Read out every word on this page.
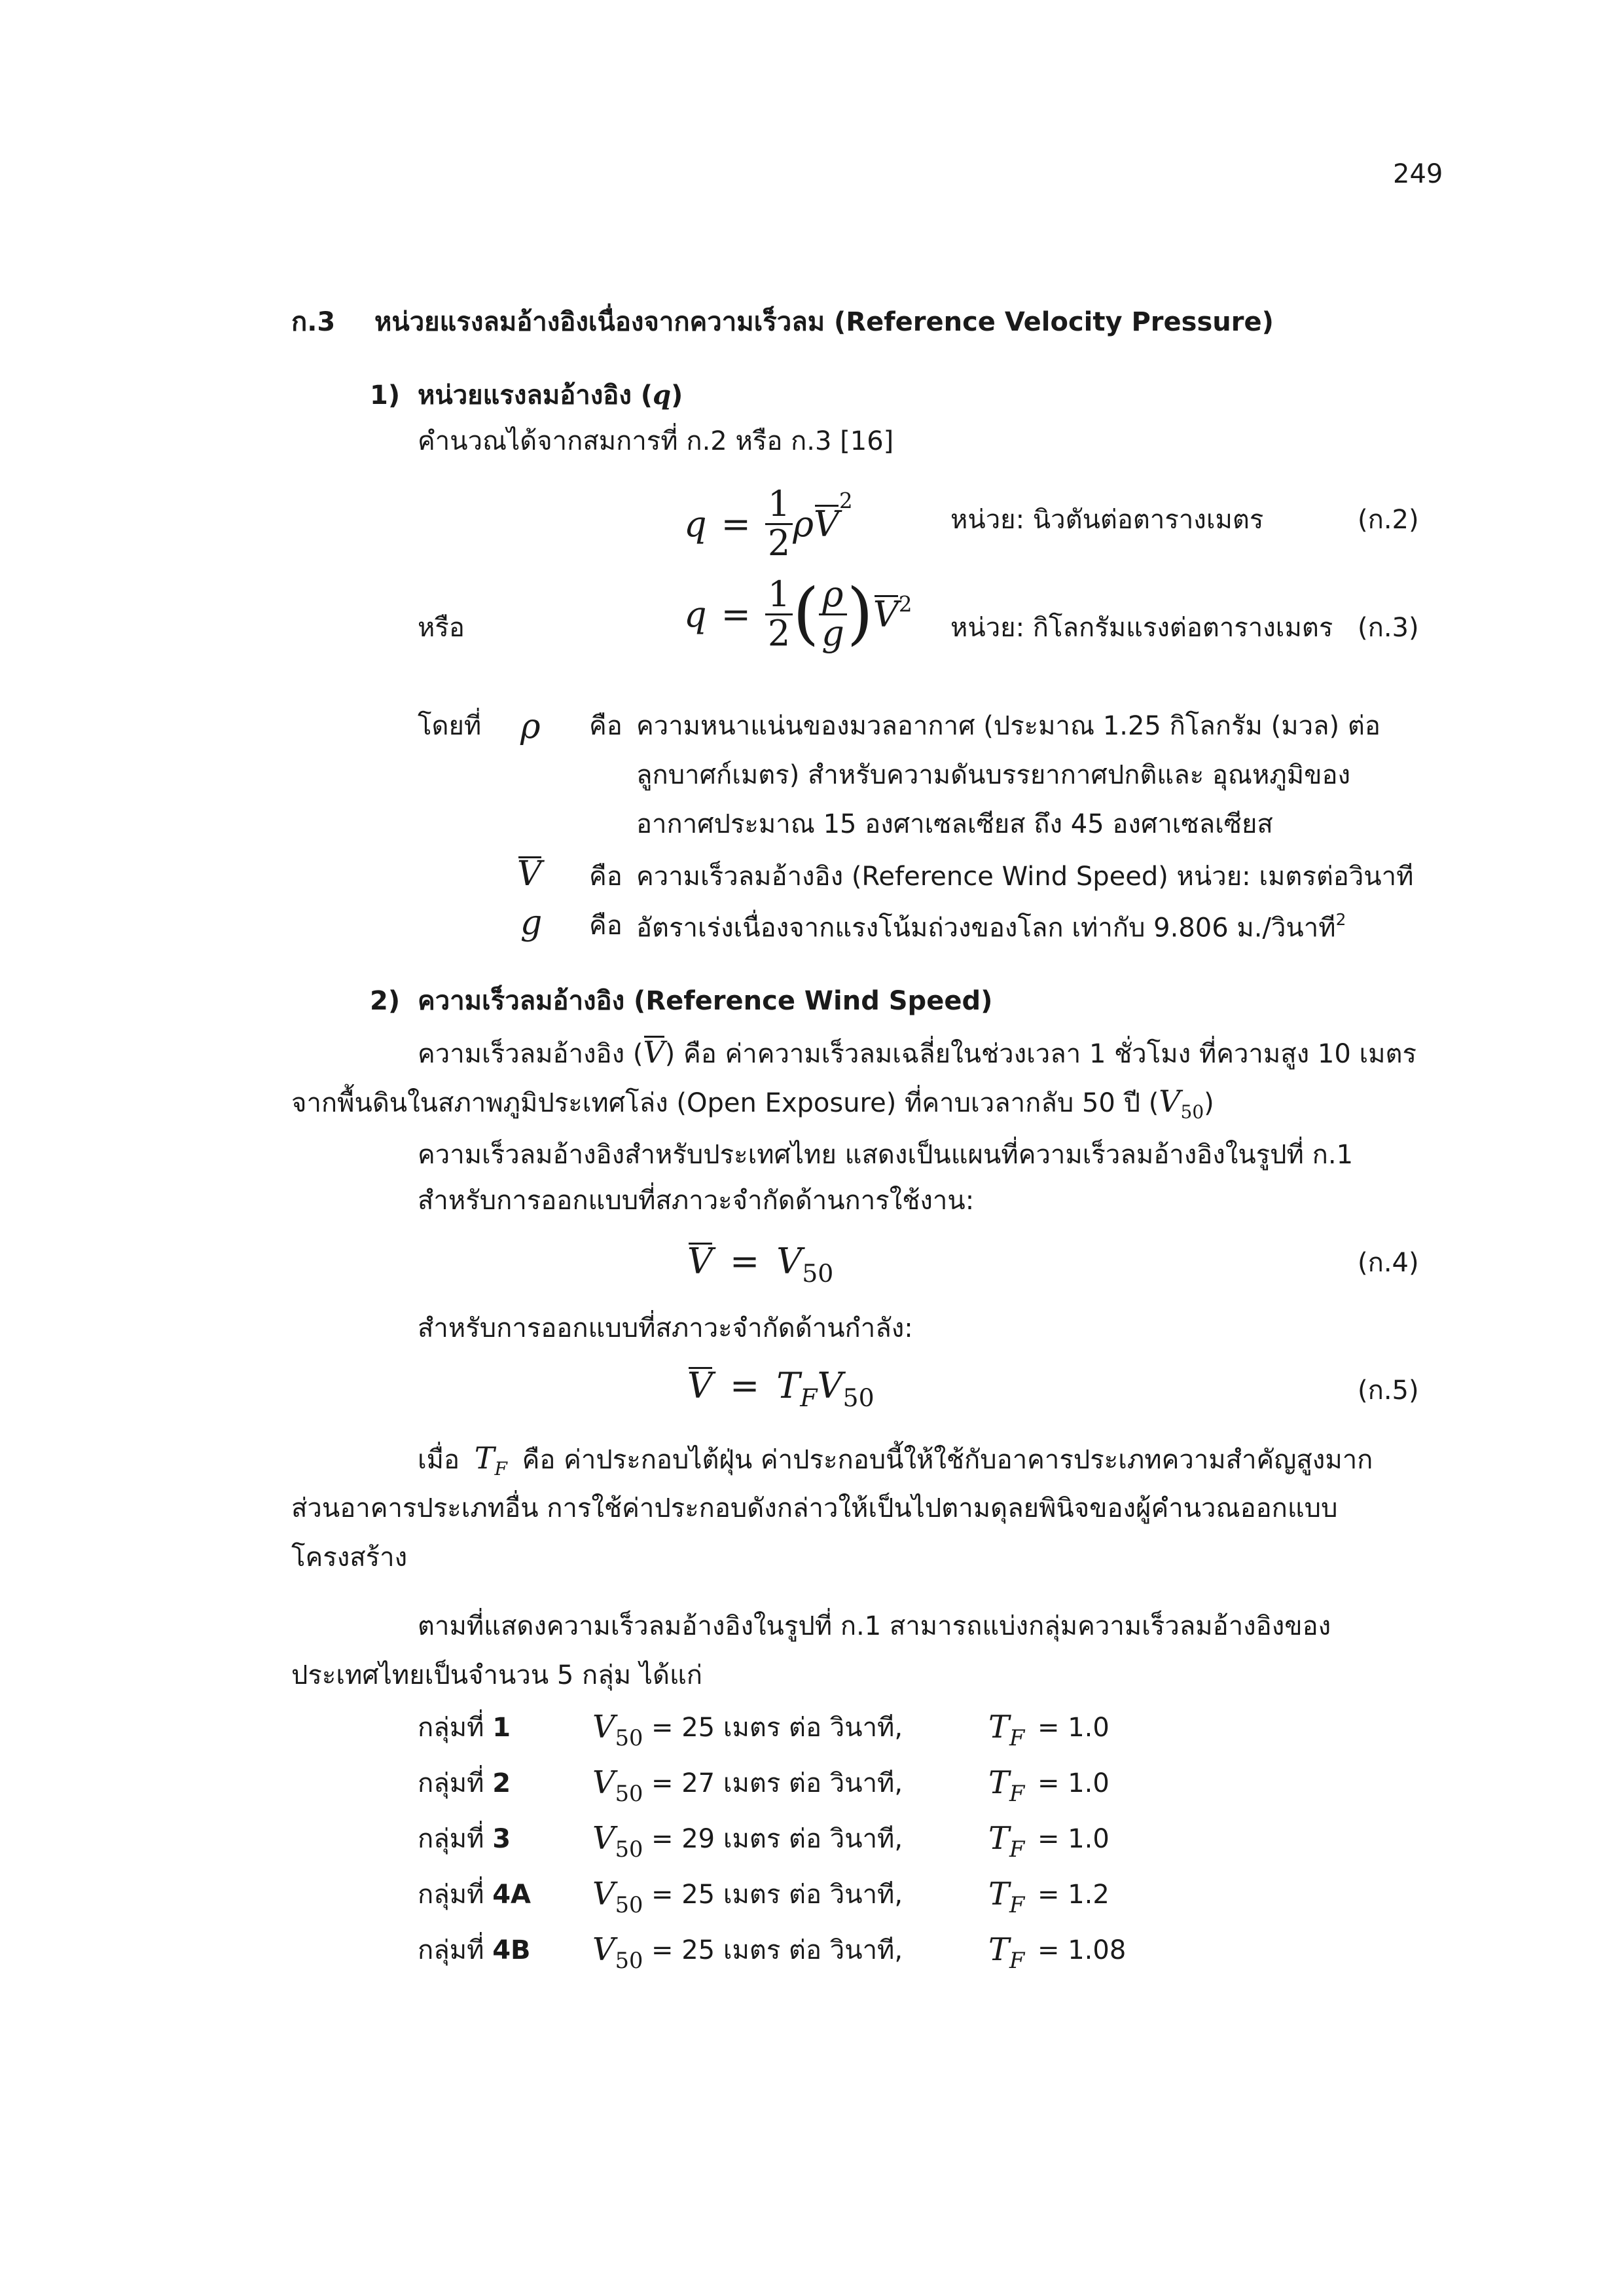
249
ก.3 หน่วยแรงลมอ้างอิงเนื่องจากความเร็วลม (Reference Velocity Pressure)
1) หน่วยแรงลมอ้างอิง (q)
คำนวณได้จากสมการที่ ก.2 หรือ ก.3 [16]
$q = \frac{1}{2}$ ρ V
2
หน่วย: นิวตันต่อตารางเมตร	(ก.2)
หรือ	$q = \frac{1}{2}$ ( $\frac{\rho}{g}$ ) V 2
หน่วย: กิโลกรัมแรงต่อตารางเมตร (ก.3)
โดยที่ ρ คือ ความหนาแน่นของมวลอากาศ (ประมาณ 1.25 กิโลกรัม (มวล) ต่อ
ลูกบาศก์เมตร) สำหรับความดันบรรยากาศปกติและ อุณหภูมิของ
อากาศประมาณ 15 องศาเซลเซียส ถึง 45 องศาเซลเซียส
V คือ ความเร็วลมอ้างอิง (Reference Wind Speed) หน่วย: เมตรต่อวินาที
g คือ อัตราเร่งเนื่องจากแรงโน้มถ่วงของโลก เท่ากับ 9.806 ม./วินาที$^2$
2) ความเร็วลมอ้างอิง (Reference Wind Speed)
ความเร็วลมอ้างอิง (V) คือ ค่าความเร็วลมเฉลี่ยในช่วงเวลา 1 ชั่วโมง ที่ความสูง 10 เมตร
จากพื้นดินในสภาพภูมิประเทศโล่ง (Open Exposure) ที่คาบเวลากลับ 50 ปี $(V_{50})$
ความเร็วลมอ้างอิงสำหรับประเทศไทย แสดงเป็นแผนที่ความเร็วลมอ้างอิงในรูปที่ ก.1
สำหรับการออกแบบที่สภาวะจำกัดด้านการใช้งาน:
$V = V_{50}$	(ก.4)
สำหรับการออกแบบที่สภาวะจำกัดด้านกำลัง:
$V = T_FV_{50}$	(ก.5)
เมื่อ $T_F$ คือ ค่าประกอบไต้ฝุ่น ค่าประกอบนี้ให้ใช้กับอาคารประเภทความสำคัญสูงมาก
ส่วนอาคารประเภทอื่น การใช้ค่าประกอบดังกล่าวให้เป็นไปตามดุลยพินิจของผู้คำนวณออกแบบ
โครงสร้าง
ตามที่แสดงความเร็วลมอ้างอิงในรูปที่ ก.1 สามารถแบ่งกลุ่มความเร็วลมอ้างอิงของ
ประเทศไทยเป็นจำนวน 5 กลุ่ม ได้แก่
กลุ่มที่ 1	$V_{50} = 25$ เมตร ต่อ วินาที,	$T_F = 1.0$
กลุ่มที่ 2	$V_{50} = 27$ เมตร ต่อ วินาที,	$T_F = 1.0$
กลุ่มที่ 3	$V_{50} = 29$ เมตร ต่อ วินาที,	$T_F = 1.0$
กลุ่มที่ 4A $V_{50} = 25$ เมตร ต่อ วินาที,	$T_F = 1.2$
กลุ่มที่ 4B $V_{50} = 25$ เมตร ต่อ วินาที,	$T_F = 1.08$
